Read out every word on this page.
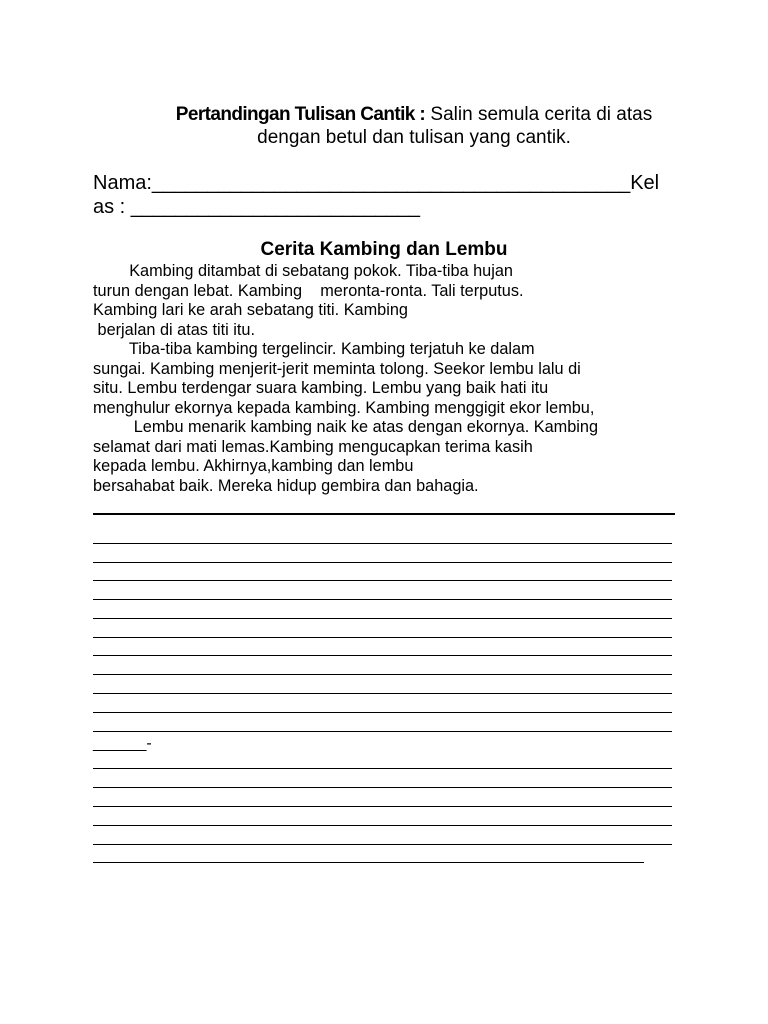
Pertandingan Tulisan Cantik : Salin semula cerita di atas
dengan betul dan tulisan yang cantik.
Nama:___________________________________________Kel
as : __________________________
Cerita Kambing dan Lembu
Kambing ditambat di sebatang pokok. Tiba-tiba hujan
turun dengan lebat. Kambing    meronta-ronta. Tali terputus.
Kambing lari ke arah sebatang titi. Kambing
berjalan di atas titi itu.
Tiba-tiba kambing tergelincir. Kambing terjatuh ke dalam
sungai. Kambing menjerit-jerit meminta tolong. Seekor lembu lalu di
situ. Lembu terdengar suara kambing. Lembu yang baik hati itu
menghulur ekornya kepada kambing. Kambing menggigit ekor lembu,
Lembu menarik kambing naik ke atas dengan ekornya. Kambing
selamat dari mati lemas.Kambing mengucapkan terima kasih
kepada lembu. Akhirnya,kambing dan lembu
bersahabat baik. Mereka hidup gembira dan bahagia.
______-
